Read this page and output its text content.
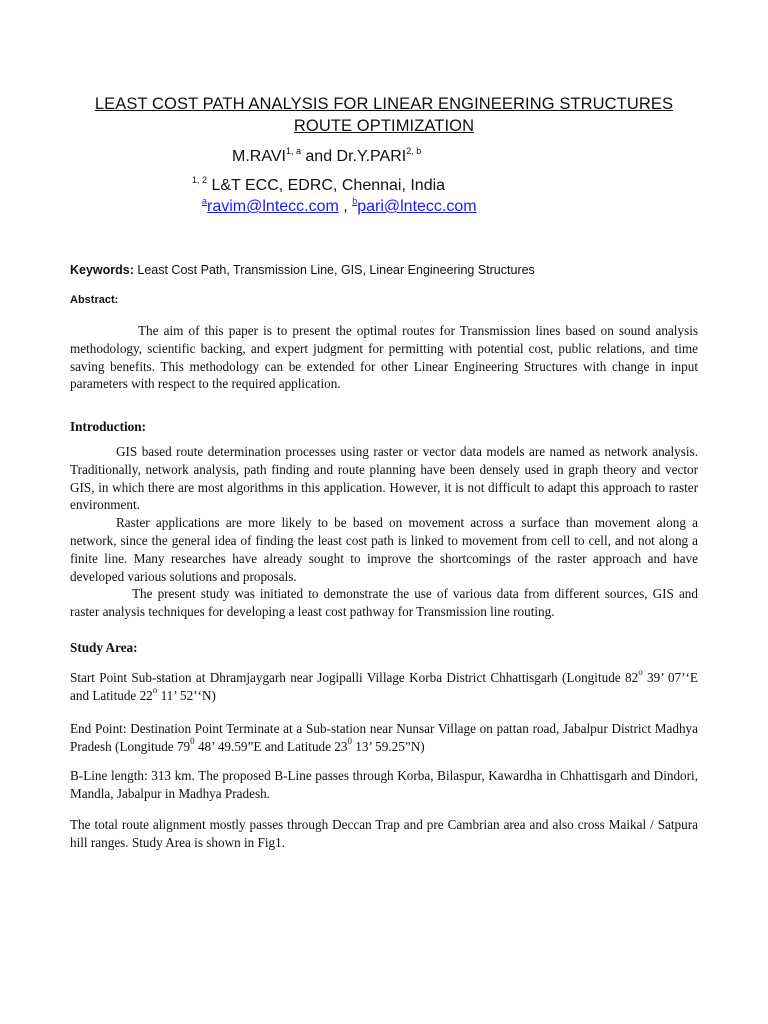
LEAST COST PATH ANALYSIS FOR LINEAR ENGINEERING STRUCTURES
ROUTE OPTIMIZATION
M.RAVI$^{1, a}$ and Dr.Y.PARI$^{2, b}$
$^{1, 2}$ L&T ECC, EDRC, Chennai, India
$^a$ravim@lntecc.com , $^b$pari@lntecc.com
Keywords: Least Cost Path, Transmission Line, GIS, Linear Engineering Structures
Abstract:

The aim of this paper is to present the optimal routes for Transmission lines based on sound analysis methodology, scientific backing, and expert judgment for permitting with potential cost, public relations, and time saving benefits. This methodology can be extended for other Linear Engineering Structures with change in input parameters with respect to the required application.

Introduction:

GIS based route determination processes using raster or vector data models are named as network analysis. Traditionally, network analysis, path finding and route planning have been densely used in graph theory and vector GIS, in which there are most algorithms in this application. However, it is not difficult to adapt this approach to raster environment.

Raster applications are more likely to be based on movement across a surface than movement along a network, since the general idea of finding the least cost path is linked to movement from cell to cell, and not along a finite line. Many researches have already sought to improve the shortcomings of the raster approach and have developed various solutions and proposals.

The present study was initiated to demonstrate the use of various data from different sources, GIS and raster analysis techniques for developing a least cost pathway for Transmission line routing.

Study Area:

Start Point Sub-station at Dhramjaygarh near Jogipalli Village Korba District Chhattisgarh (Longitude 82$^o$ 39’ 07’‘E and Latitude 22$^o$ 11’ 52’‘N)

End Point: Destination Point Terminate at a Sub-station near Nunsar Village on pattan road, Jabalpur District Madhya Pradesh (Longitude $79^0$ 48’ 49.59”E and Latitude $23^0$ 13’ 59.25”N)

B-Line length: 313 km. The proposed B-Line passes through Korba, Bilaspur, Kawardha in Chhattisgarh and Dindori, Mandla, Jabalpur in Madhya Pradesh.

The total route alignment mostly passes through Deccan Trap and pre Cambrian area and also cross Maikal / Satpura hill ranges. Study Area is shown in Fig1.
